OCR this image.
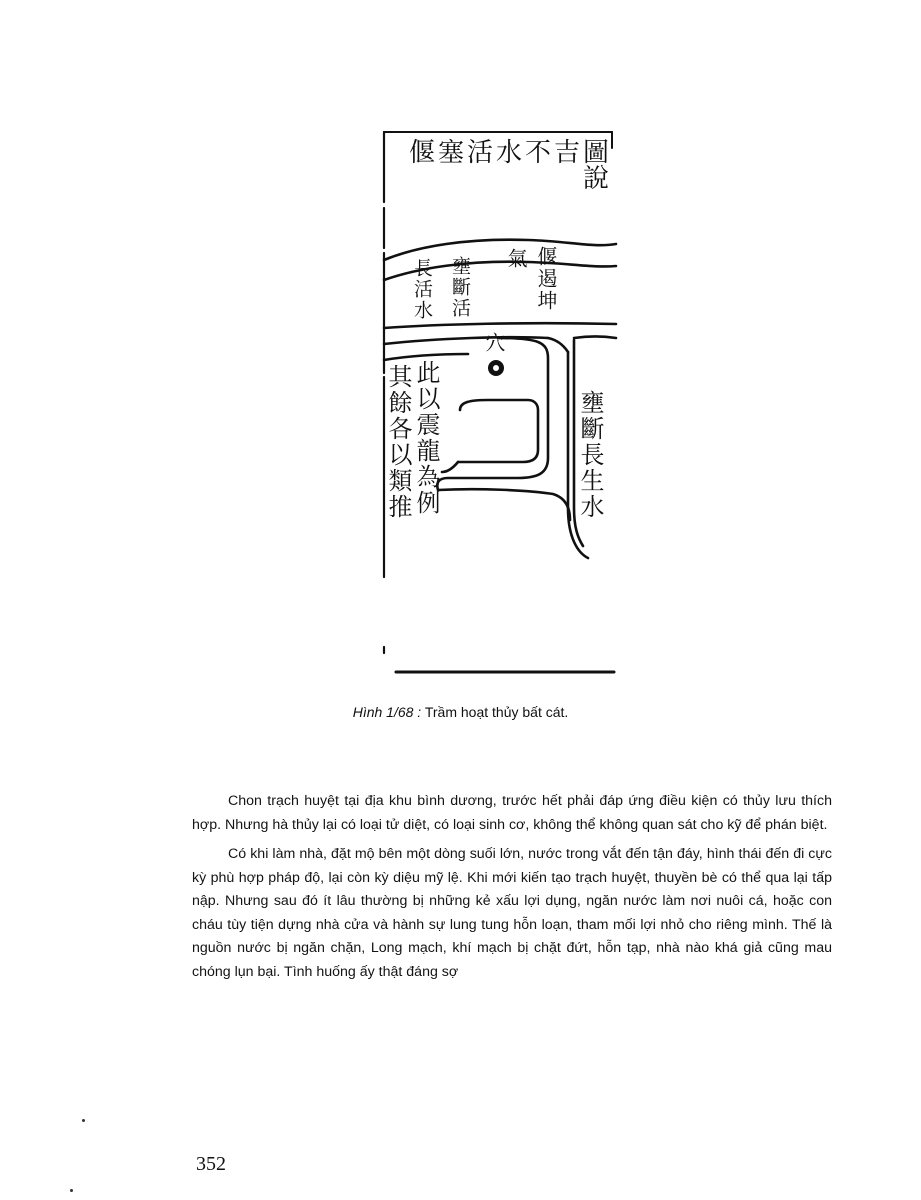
偃塞活水不吉圖說
偃遏坤
氣
壅斷活
長活水
穴
此以震龍為例
其餘各以類推	壅斷長生水
Hình 1/68 : Trầm hoạt thủy bất cát.

Chon trạch huyệt tại địa khu bình dương, trước hết phải đáp ứng điều kiện có thủy lưu thích hợp. Nhưng hà thủy lại có loại tử diệt, có loại sinh cơ, không thể không quan sát cho kỹ để phán biệt.

Có khi làm nhà, đặt mộ bên một dòng suối lớn, nước trong vắt đến tận đáy, hình thái đến đi cực kỳ phù hợp pháp độ, lại còn kỳ diệu mỹ lệ. Khi mới kiến tạo trạch huyệt, thuyền bè có thể qua lại tấp nập. Nhưng sau đó ít lâu thường bị những kẻ xấu lợi dụng, ngăn nước làm nơi nuôi cá, hoặc con cháu tùy tiện dựng nhà cửa và hành sự lung tung hỗn loạn, tham mối lợi nhỏ cho riêng mình. Thế là nguồn nước bị ngăn chặn, Long mạch, khí mạch bị chặt đứt, hỗn tạp, nhà nào khá giả cũng mau chóng lụn bại. Tình huống ấy thật đáng sợ

352
